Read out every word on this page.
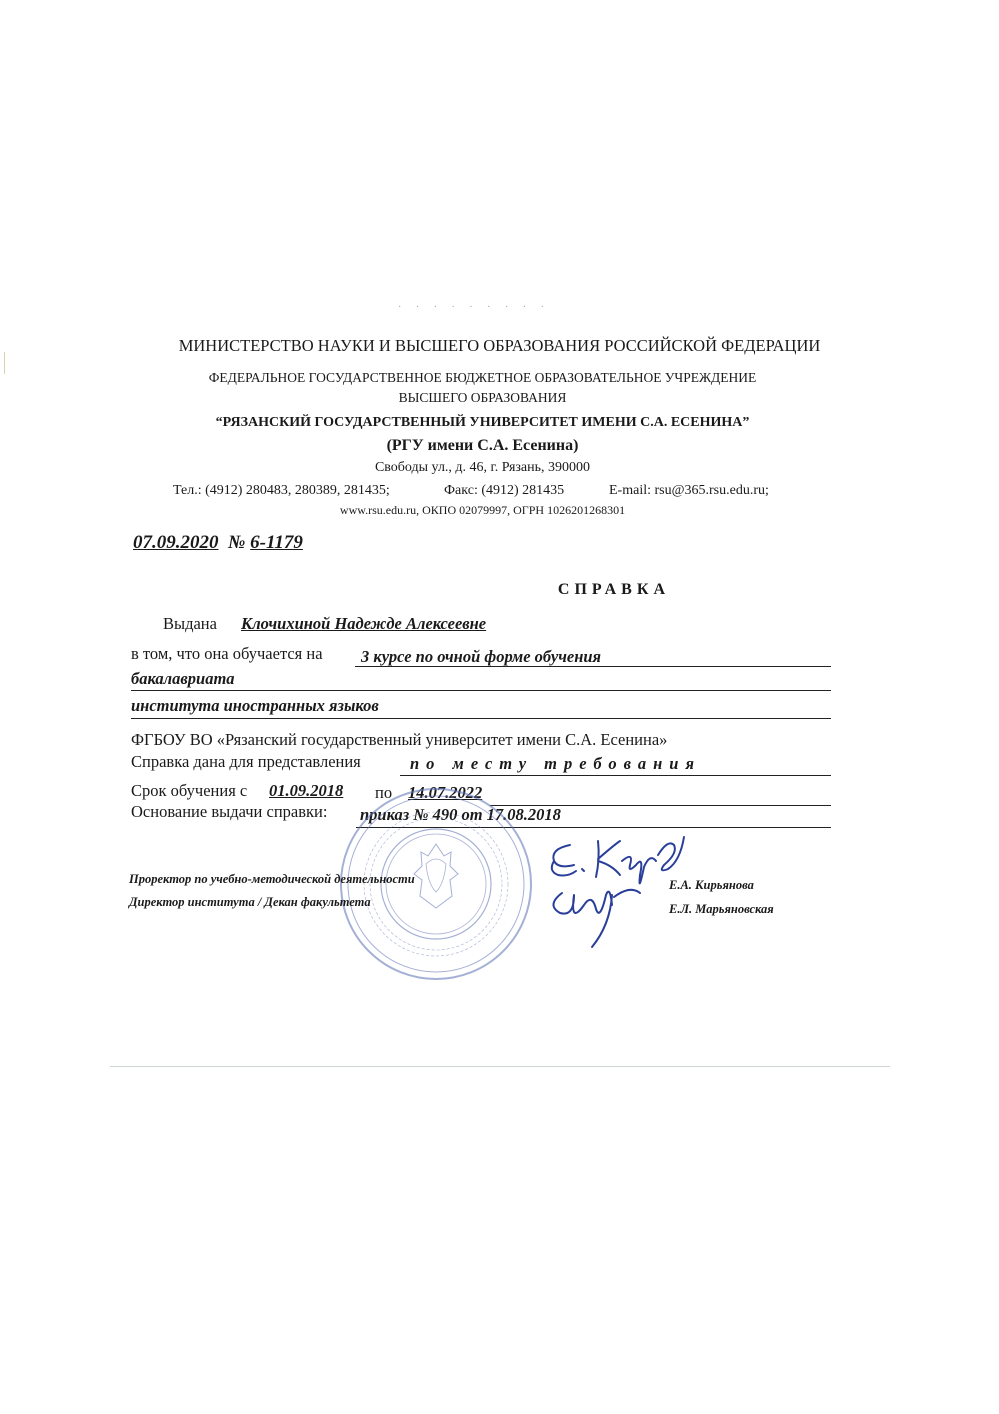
· · · · · · · · ·
МИНИСТЕРСТВО НАУКИ И ВЫСШЕГО ОБРАЗОВАНИЯ РОССИЙСКОЙ ФЕДЕРАЦИИ
ФЕДЕРАЛЬНОЕ ГОСУДАРСТВЕННОЕ БЮДЖЕТНОЕ ОБРАЗОВАТЕЛЬНОЕ УЧРЕЖДЕНИЕ
ВЫСШЕГО ОБРАЗОВАНИЯ
“РЯЗАНСКИЙ ГОСУДАРСТВЕННЫЙ УНИВЕРСИТЕТ ИМЕНИ С.А. ЕСЕНИНА”
(РГУ имени С.А. Есенина)
Свободы ул., д. 46, г. Рязань, 390000
Тел.: (4912) 280483, 280389, 281435;	Факс: (4912) 281435	E-mail: rsu@365.rsu.edu.ru;
www.rsu.edu.ru, ОКПО 02079997, ОГРН 1026201268301
07.09.2020 № 6-1179
СПРАВКА
Выдана Клочихиной Надежде Алексеевне
в том, что она обучается на 3 курсе по очной форме обучения
бакалавриата
института иностранных языков
ФГБОУ ВО «Рязанский государственный университет имени С.А. Есенина»
Справка дана для представления	по месту требования
Срок обучения с 01.09.2018 по 14.07.2022
Основание выдачи справки: приказ № 490 от 17.08.2018
Проректор по учебно-методической деятельности
Директор института / Декан факультета
Е.А. Кирьянова
Е.Л. Марьяновская
